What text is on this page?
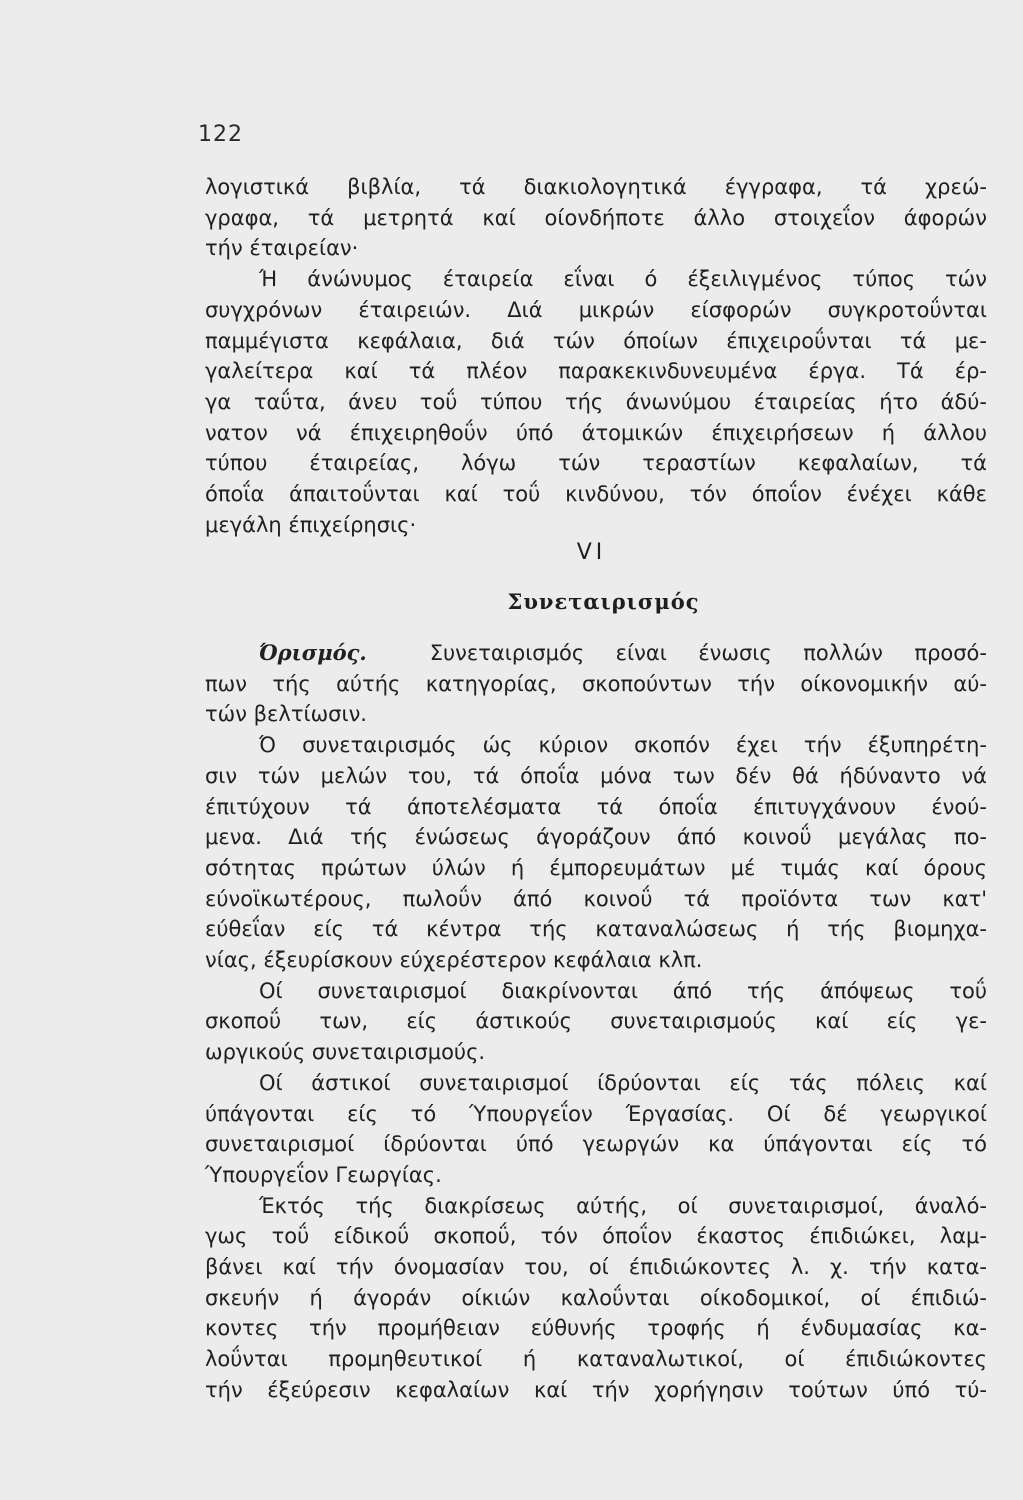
122
λογιστικά βιβλία, τά διακιολογητικά έγγραφα, τά χρεώ-
γραφα, τά μετρητά καί οίονδήποτε άλλο στοιχεΐον άφορών
τήν έταιρείαν·
Ή άνώνυμος έταιρεία εΐναι ό έξειλιγμένος τύπος τών
συγχρόνων έταιρειών. Διά μικρών είσφορών συγκροτοΰνται
παμμέγιστα κεφάλαια, διά τών όποίων έπιχειροΰνται τά με-
γαλείτερα καί τά πλέον παρακεκινδυνευμένα έργα. Τά έρ-
γα ταΰτα, άνευ τοΰ τύπου τής άνωνύμου έταιρείας ήτο άδύ-
νατον νά έπιχειρηθοΰν ύπό άτομικών έπιχειρήσεων ή άλλου
τύπου έταιρείας, λόγω τών τεραστίων κεφαλαίων, τά
όποΐα άπαιτοΰνται καί τοΰ κινδύνου, τόν όποΐον ένέχει κάθε
μεγάλη έπιχείρησις·
VI
Συνεταιρισμός
Όρισμός.	Συνεταιρισμός είναι ένωσις πολλών προσό-
πων τής αύτής κατηγορίας, σκοπούντων τήν οίκονομικήν αύ-
τών βελτίωσιν.
Ό συνεταιρισμός ώς κύριον σκοπόν έχει τήν έξυπηρέτη-
σιν τών μελών του, τά όποΐα μόνα των δέν θά ήδύναντο νά
έπιτύχουν τά άποτελέσματα τά όποΐα έπιτυγχάνουν ένού-
μενα. Διά τής ένώσεως άγοράζουν άπό κοινοΰ μεγάλας πο-
σότητας πρώτων ύλών ή έμπορευμάτων μέ τιμάς καί όρους
εύνοϊκωτέρους, πωλοΰν άπό κοινοΰ τά προϊόντα των κατ'
εύθεΐαν είς τά κέντρα τής καταναλώσεως ή τής βιομηχα-
νίας, έξευρίσκουν εύχερέστερον κεφάλαια κλπ.
Οί συνεταιρισμοί διακρίνονται άπό τής άπόψεως τοΰ
σκοποΰ των, είς άστικούς συνεταιρισμούς καί είς γε-
ωργικούς συνεταιρισμούς.
Οί άστικοί συνεταιρισμοί ίδρύονται είς τάς πόλεις καί
ύπάγονται είς τό Ύπουργεΐον Έργασίας. Οί δέ γεωργικοί
συνεταιρισμοί ίδρύονται ύπό γεωργών κα ύπάγονται είς τό
Ύπουργεΐον Γεωργίας.
Έκτός τής διακρίσεως αύτής, οί συνεταιρισμοί, άναλό-
γως τοΰ είδικοΰ σκοποΰ, τόν όποΐον έκαστος έπιδιώκει, λαμ-
βάνει καί τήν όνομασίαν του, οί έπιδιώκοντες λ. χ. τήν κατα-
σκευήν ή άγοράν οίκιών καλοΰνται οίκοδομικοί, οί έπιδιώ-
κοντες τήν προμήθειαν εύθυνής τροφής ή ένδυμασίας κα-
λοΰνται προμηθευτικοί ή καταναλωτικοί, οί έπιδιώκοντες
τήν έξεύρεσιν κεφαλαίων καί τήν χορήγησιν τούτων ύπό τύ-
